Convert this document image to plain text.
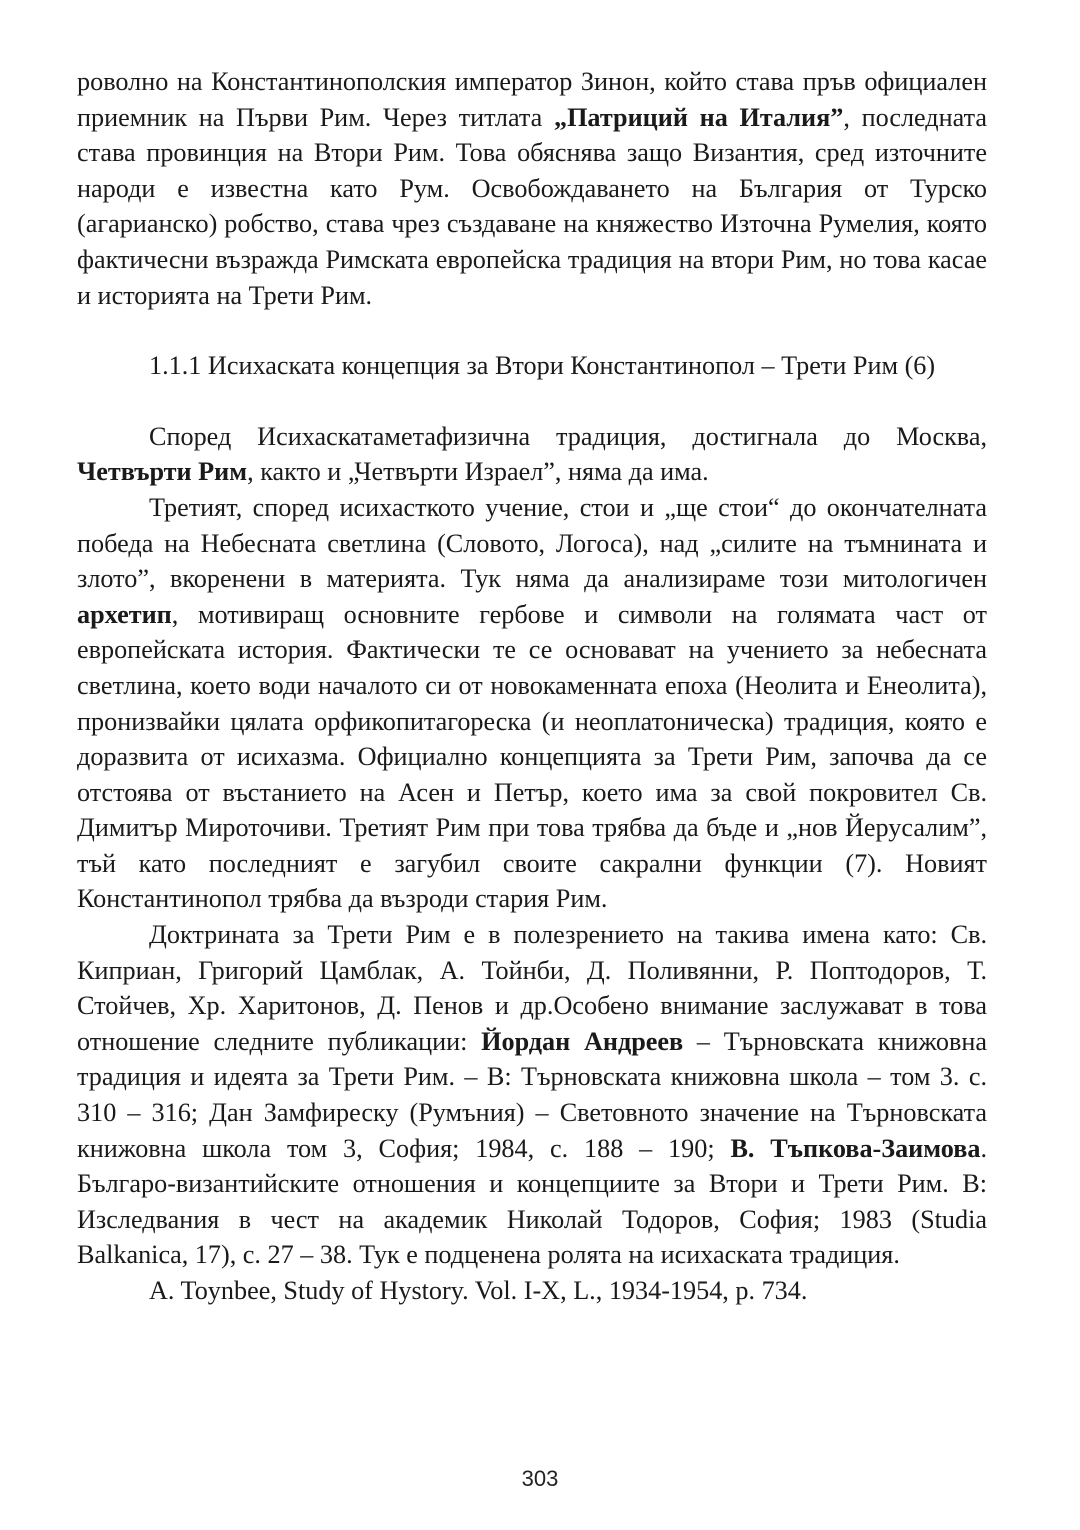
роволно на Константинополския император Зинон, който става пръв официален приемник на Първи Рим. Через титлата „Патриций на Италия”, последната става провинция на Втори Рим. Това обяснява защо Византия, сред източните народи е известна като Рум. Освобождаването на България от Турско (агарианско) робство, става чрез създаване на княжество Източна Румелия, която фактичесни възражда Римската европейска традиция на втори Рим, но това касае и историята на Трети Рим.

1.1.1 Исихаската концепция за Втори Константинопол – Трети Рим (6)

Според Исихаскатаметафизична традиция, достигнала до Москва, Четвърти Рим, както и „Четвърти Израел”, няма да има.

Третият, според исихасткото учение, стои и „ще стои“ до окончателната победа на Небесната светлина (Словото, Логоса), над „силите на тъмнината и злото”, вкоренени в материята. Тук няма да анализираме този митологичен архетип, мотивиращ основните гербове и символи на голямата част от европейската история. Фактически те се основават на учението за небесната светлина, което води началото си от новокаменната епоха (Неолита и Енеолита), пронизвайки цялата орфикопитагореска (и неоплатоническа) традиция, която е доразвита от исихазма. Официално концепцията за Трети Рим, започва да се отстоява от въстанието на Асен и Петър, което има за свой покровител Св. Димитър Мироточиви. Третият Рим при това трябва да бъде и „нов Йерусалим”, тъй като последният е загубил своите сакрални функции (7). Новият Константинопол трябва да възроди стария Рим.

Доктрината за Трети Рим е в полезрението на такива имена като: Св. Киприан, Григорий Цамблак, А. Тойнби, Д. Поливянни, Р. Поптодоров, Т. Стойчев, Хр. Харитонов, Д. Пенов и др.Особено внимание заслужават в това отношение следните публикации: Йордан Андреев – Търновската книжовна традиция и идеята за Трети Рим. – В: Търновската книжовна школа – том 3. с. 310 – 316; Дан Замфиреску (Румъния) – Световното значение на Търновската книжовна школа том 3, София; 1984, с. 188 – 190; В. Тъпкова-Заимова. Българо-византийските отношения и концепциите за Втори и Трети Рим. В: Изследвания в чест на академик Николай Тодоров, София; 1983 (Studia Balkanica, 17), с. 27 – 38. Тук е подценена ролята на исихаската традиция.

A. Toynbee, Study of Hystory. Vol. I-X, L., 1934-1954, p. 734.

303
